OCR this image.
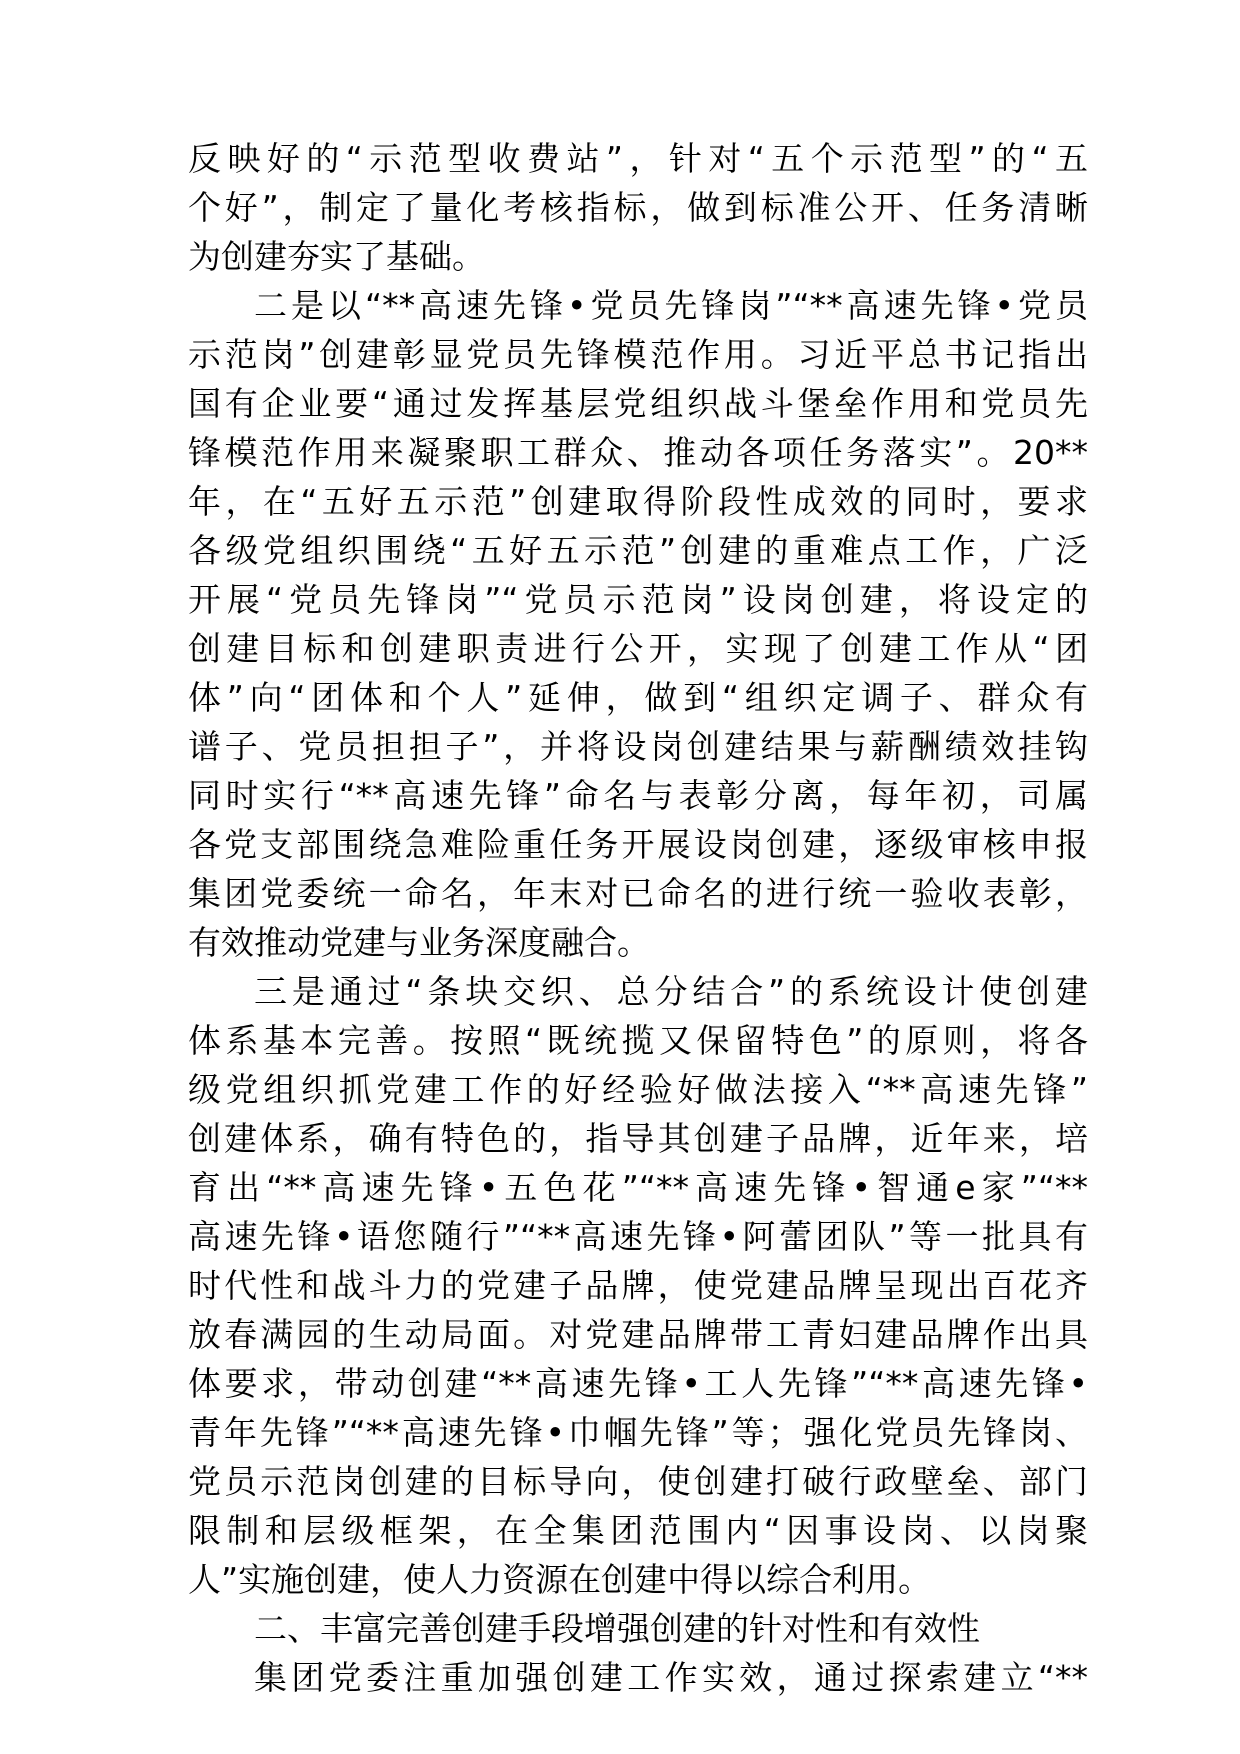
反映好的“示范型收费站”，针对“五个示范型”的“五
个好”，制定了量化考核指标，做到标准公开、任务清晰
为创建夯实了基础。
二是以“**高速先锋•党员先锋岗”“**高速先锋•党员
示范岗”创建彰显党员先锋模范作用。习近平总书记指出
国有企业要“通过发挥基层党组织战斗堡垒作用和党员先
锋模范作用来凝聚职工群众、推动各项任务落实”。20**
年，在“五好五示范”创建取得阶段性成效的同时，要求
各级党组织围绕“五好五示范”创建的重难点工作，广泛
开展“党员先锋岗”“党员示范岗”设岗创建，将设定的
创建目标和创建职责进行公开，实现了创建工作从“团
体”向“团体和个人”延伸，做到“组织定调子、群众有
谱子、党员担担子”，并将设岗创建结果与薪酬绩效挂钩
同时实行“**高速先锋”命名与表彰分离，每年初，司属
各党支部围绕急难险重任务开展设岗创建，逐级审核申报
集团党委统一命名，年末对已命名的进行统一验收表彰，
有效推动党建与业务深度融合。
三是通过“条块交织、总分结合”的系统设计使创建
体系基本完善。按照“既统揽又保留特色”的原则，将各
级党组织抓党建工作的好经验好做法接入“**高速先锋”
创建体系，确有特色的，指导其创建子品牌，近年来，培
育出“**高速先锋•五色花”“**高速先锋•智通e家”“**
高速先锋•语您随行”“**高速先锋•阿蕾团队”等一批具有
时代性和战斗力的党建子品牌，使党建品牌呈现出百花齐
放春满园的生动局面。对党建品牌带工青妇建品牌作出具
体要求，带动创建“**高速先锋•工人先锋”“**高速先锋•
青年先锋”“**高速先锋•巾帼先锋”等；强化党员先锋岗、
党员示范岗创建的目标导向，使创建打破行政壁垒、部门
限制和层级框架，在全集团范围内“因事设岗、以岗聚
人”实施创建，使人力资源在创建中得以综合利用。
二、丰富完善创建手段增强创建的针对性和有效性
集团党委注重加强创建工作实效，通过探索建立“**
